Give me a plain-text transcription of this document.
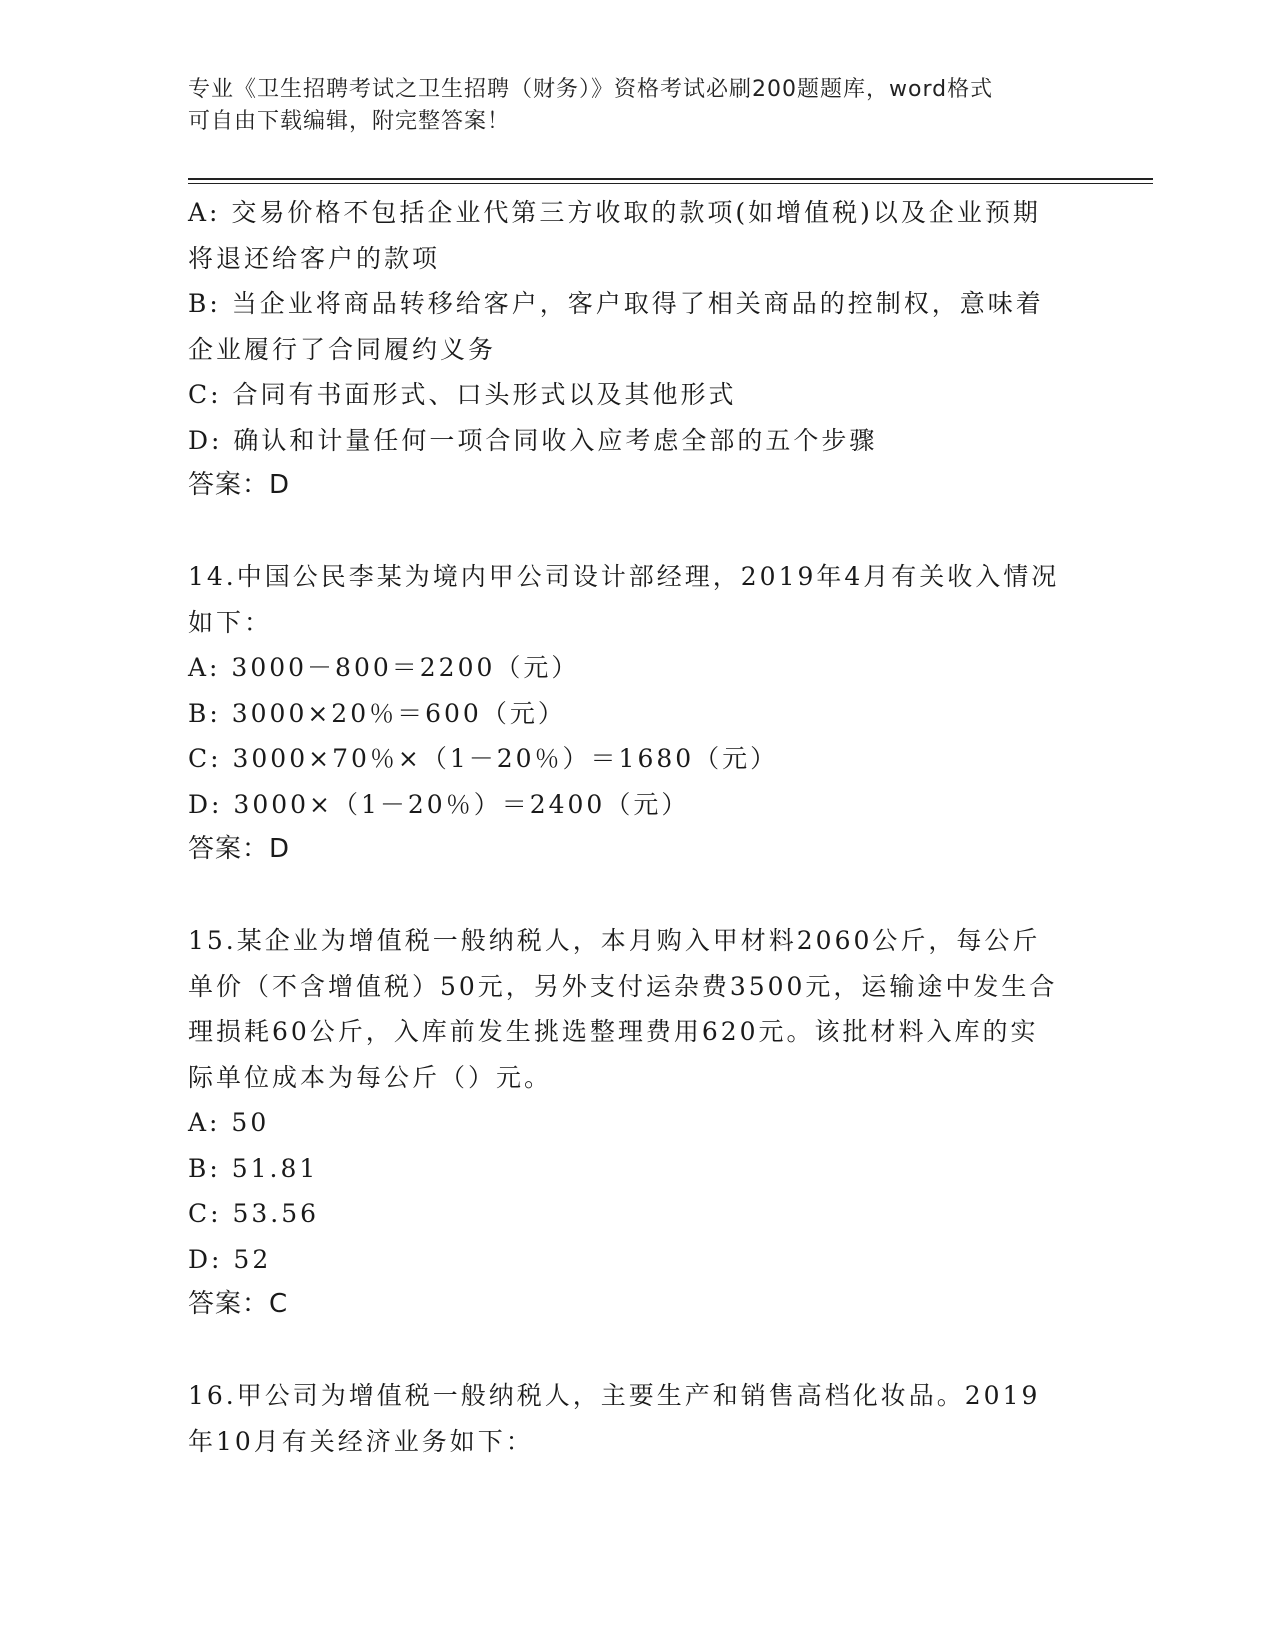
专业《卫生招聘考试之卫生招聘（财务）》资格考试必刷200题题库，word格式
可自由下载编辑，附完整答案！
A: 交易价格不包括企业代第三方收取的款项(如增值税)以及企业预期
将退还给客户的款项
B: 当企业将商品转移给客户，客户取得了相关商品的控制权，意味着
企业履行了合同履约义务
C: 合同有书面形式、口头形式以及其他形式
D: 确认和计量任何一项合同收入应考虑全部的五个步骤
答案：D
14.中国公民李某为境内甲公司设计部经理，2019年4月有关收入情况
如下：
A: 3000－800＝2200（元）
B: 3000×20％＝600（元）
C: 3000×70％×（1－20％）＝1680（元）
D: 3000×（1－20％）＝2400（元）
答案：D
15.某企业为增值税一般纳税人，本月购入甲材料2060公斤，每公斤
单价（不含增值税）50元，另外支付运杂费3500元，运输途中发生合
理损耗60公斤，入库前发生挑选整理费用620元。该批材料入库的实
际单位成本为每公斤（）元。
A: 50
B: 51.81
C: 53.56
D: 52
答案：C
16.甲公司为增值税一般纳税人，主要生产和销售高档化妆品。2019
年10月有关经济业务如下：
